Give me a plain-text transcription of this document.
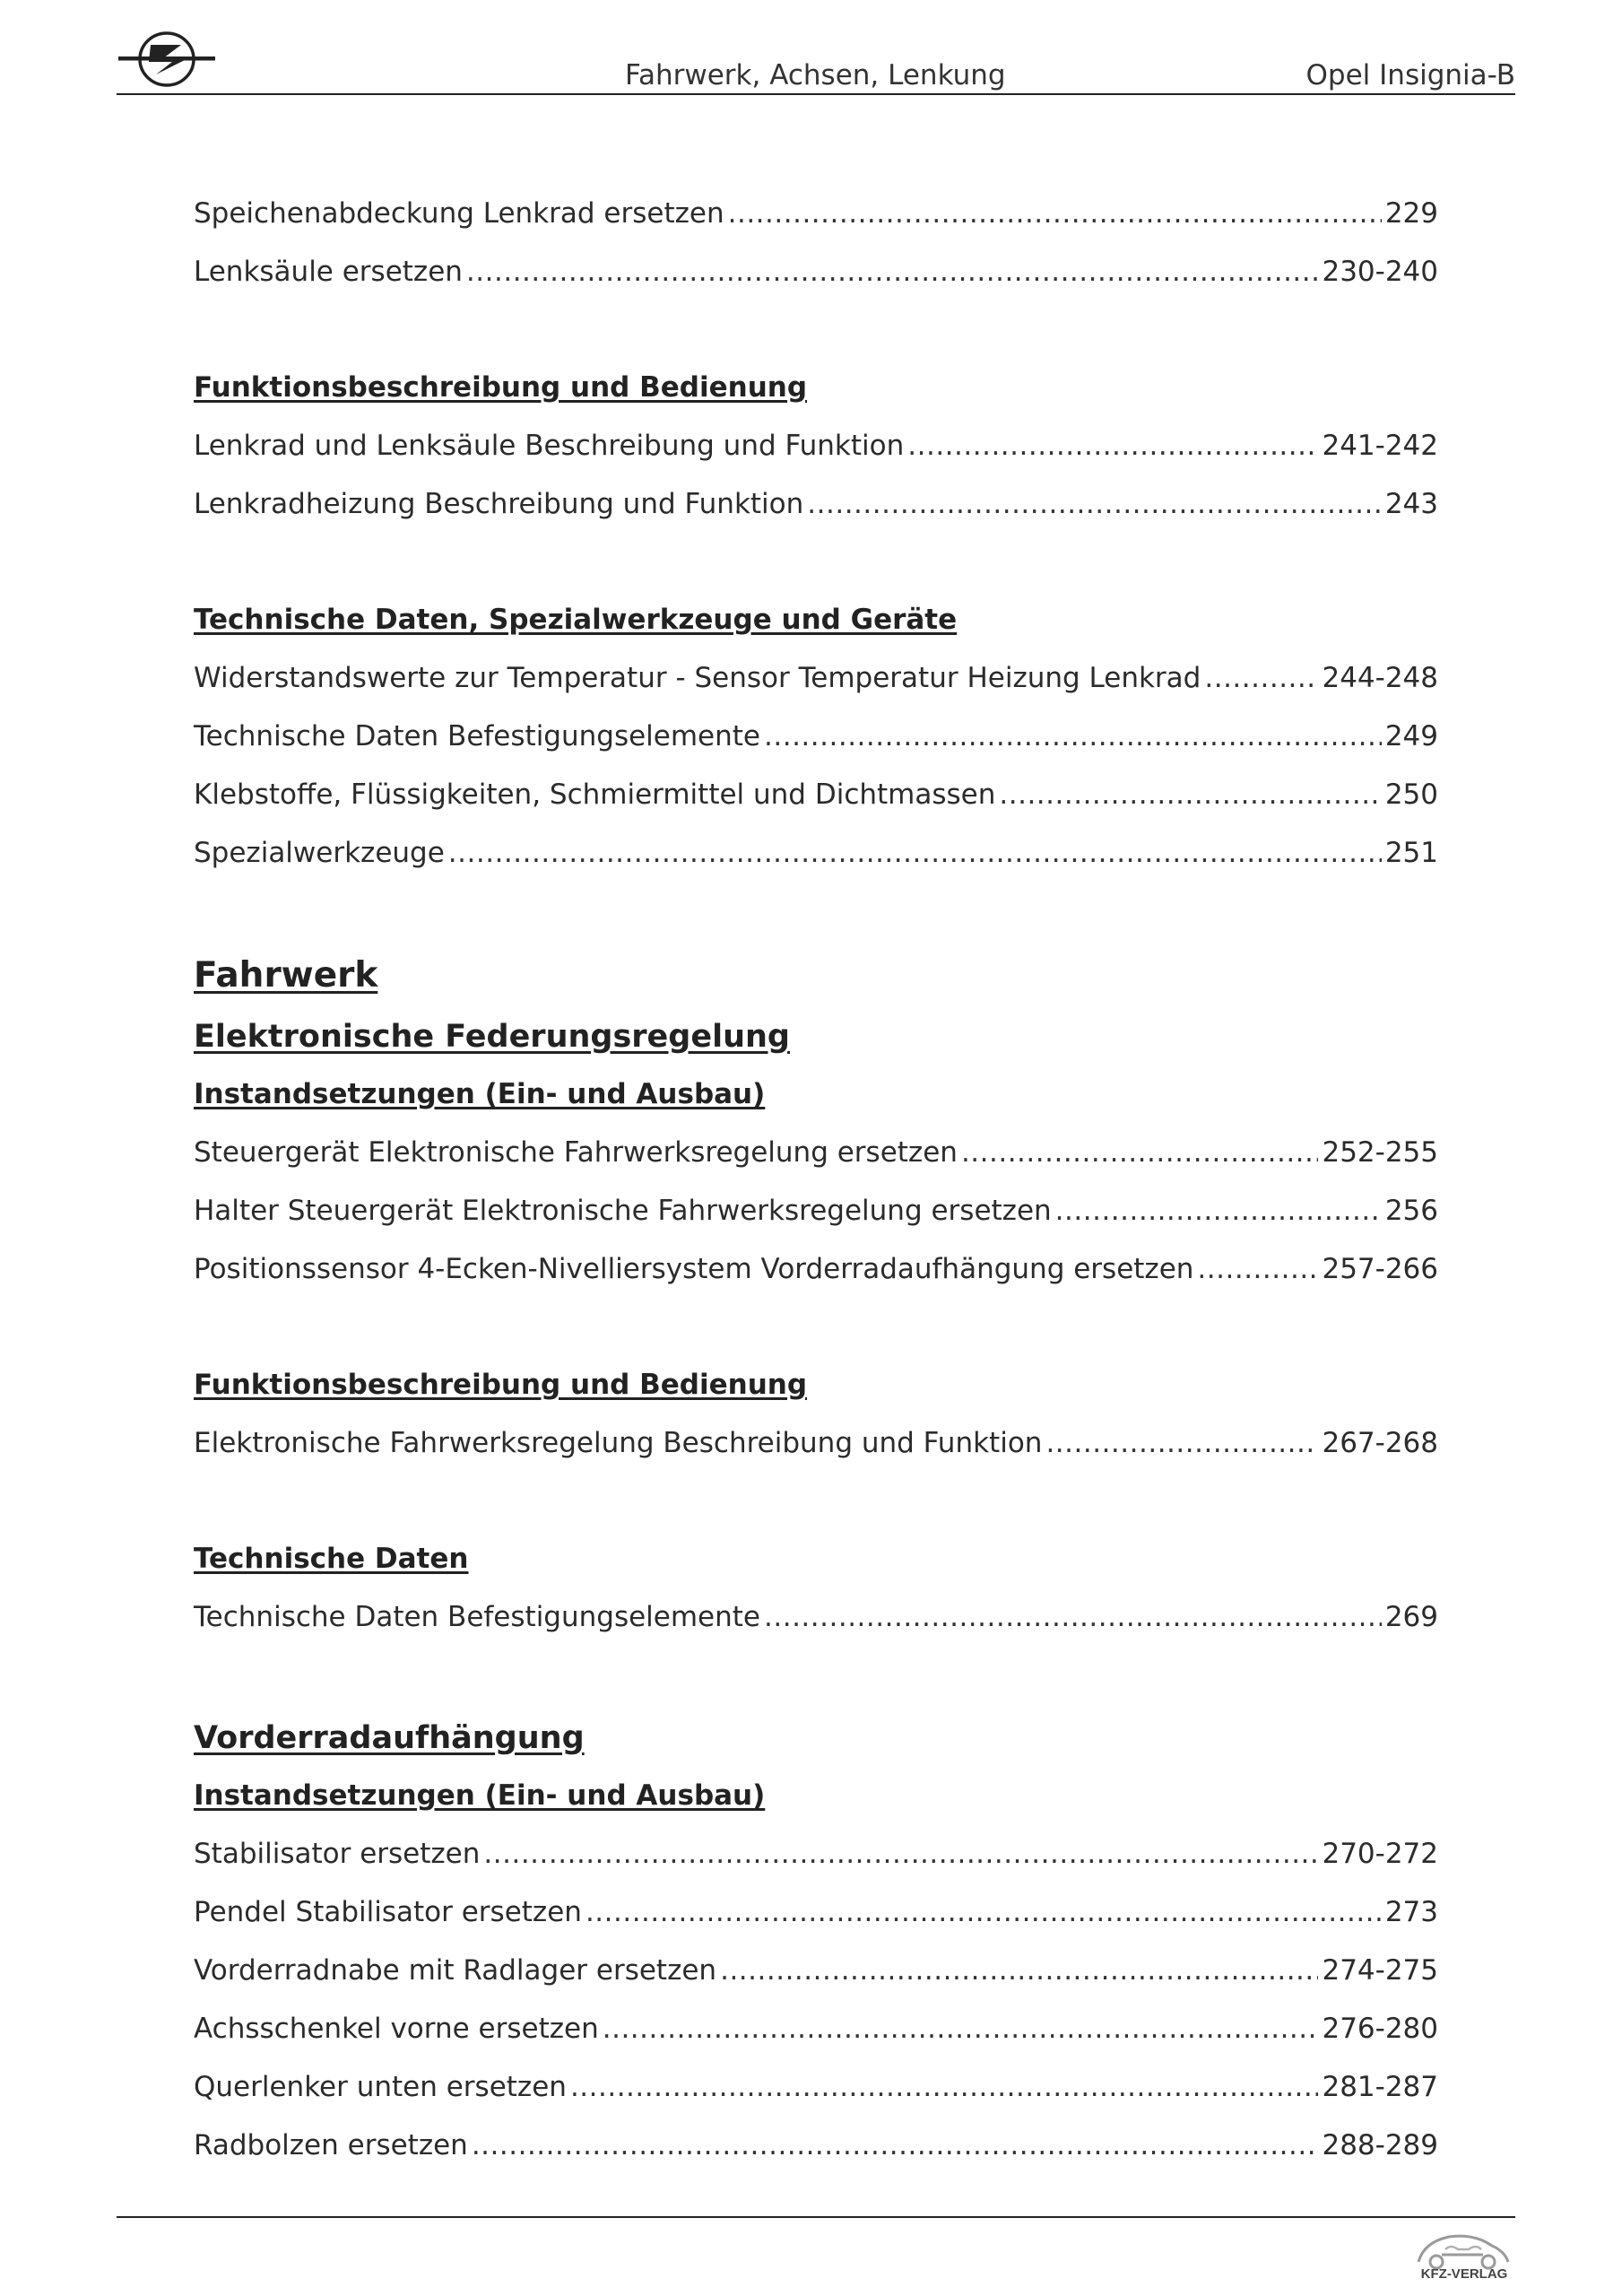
Fahrwerk, Achsen, Lenkung	Opel Insignia-B
Speichenabdeckung Lenkrad ersetzen .....	229
Lenksäule ersetzen .....	230-240
Funktionsbeschreibung und Bedienung
Lenkrad und Lenksäule Beschreibung und Funktion .....	241-242
Lenkradheizung Beschreibung und Funktion .....	243
Technische Daten, Spezialwerkzeuge und Geräte
Widerstandswerte zur Temperatur - Sensor Temperatur Heizung Lenkrad .....	244-248
Technische Daten Befestigungselemente .....	249
Klebstoffe, Flüssigkeiten, Schmiermittel und Dichtmassen .....	250
Spezialwerkzeuge .....	251
Fahrwerk
Elektronische Federungsregelung
Instandsetzungen (Ein- und Ausbau)
Steuergerät Elektronische Fahrwerksregelung ersetzen .....	252-255
Halter Steuergerät Elektronische Fahrwerksregelung ersetzen .....	256
Positionssensor 4-Ecken-Nivelliersystem Vorderradaufhängung ersetzen .....	257-266
Funktionsbeschreibung und Bedienung
Elektronische Fahrwerksregelung Beschreibung und Funktion .....	267-268
Technische Daten
Technische Daten Befestigungselemente .....	269
Vorderradaufhängung
Instandsetzungen (Ein- und Ausbau)
Stabilisator ersetzen .....	270-272
Pendel Stabilisator ersetzen .....	273
Vorderradnabe mit Radlager ersetzen .....	274-275
Achsschenkel vorne ersetzen .....	276-280
Querlenker unten ersetzen .....	281-287
Radbolzen ersetzen .....	288-289
KFZ-VERLAG
